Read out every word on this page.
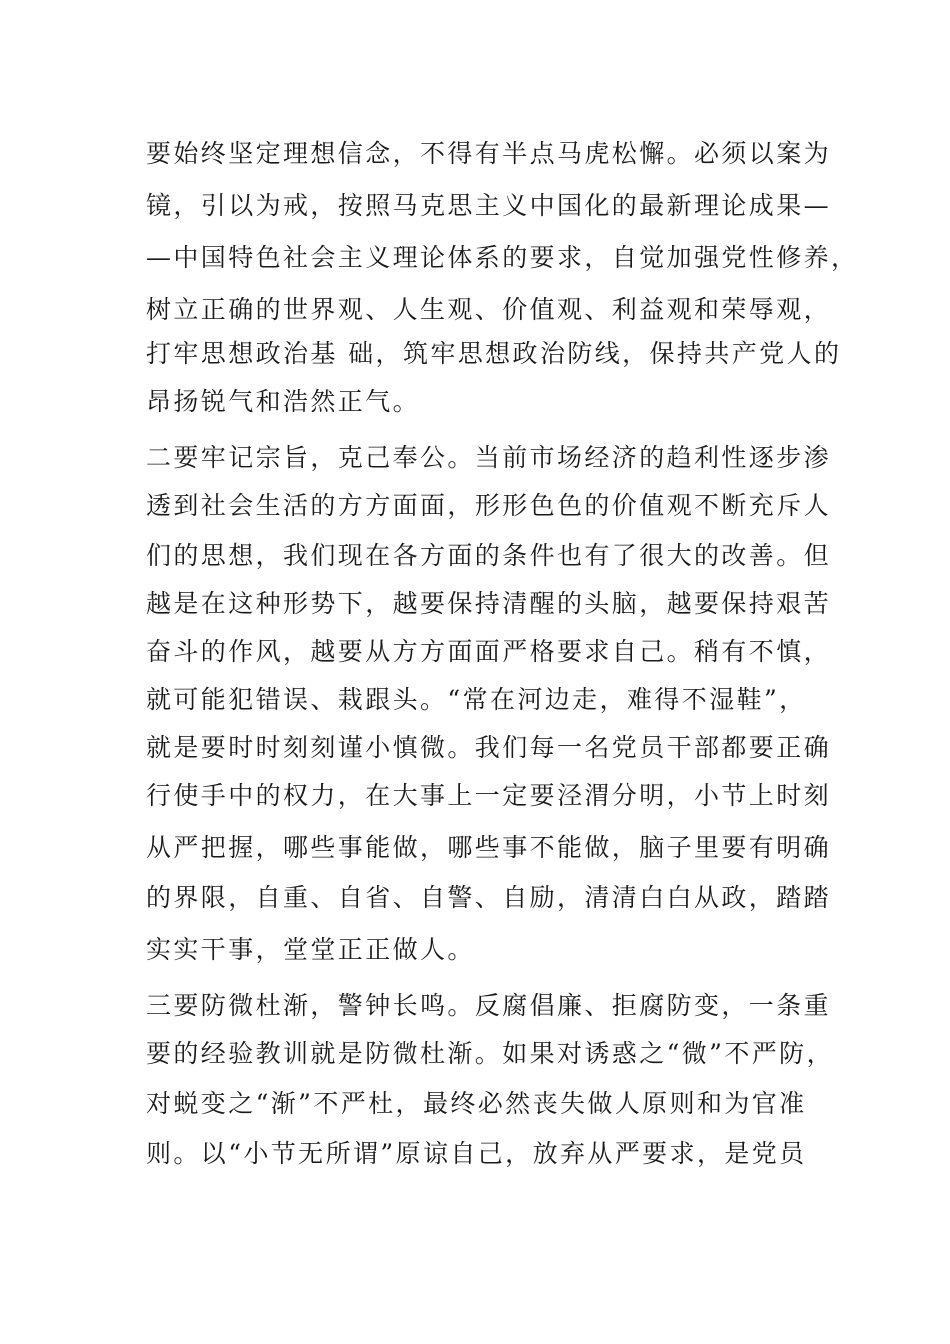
要始终坚定理想信念，不得有半点马虎松懈。必须以案为
镜，引以为戒，按照马克思主义中国化的最新理论成果—
—中国特色社会主义理论体系的要求，自觉加强党性修养，
树立正确的世界观、人生观、价值观、利益观和荣辱观，
打牢思想政治基 础，筑牢思想政治防线，保持共产党人的
昂扬锐气和浩然正气。
二要牢记宗旨，克己奉公。当前市场经济的趋利性逐步渗
透到社会生活的方方面面，形形色色的价值观不断充斥人
们的思想，我们现在各方面的条件也有了很大的改善。但
越是在这种形势下，越要保持清醒的头脑，越要保持艰苦
奋斗的作风，越要从方方面面严格要求自己。稍有不慎，
就可能犯错误、栽跟头。“常在河边走，难得不湿鞋”，
就是要时时刻刻谨小慎微。我们每一名党员干部都要正确
行使手中的权力，在大事上一定要泾渭分明，小节上时刻
从严把握，哪些事能做，哪些事不能做，脑子里要有明确
的界限，自重、自省、自警、自励，清清白白从政，踏踏
实实干事，堂堂正正做人。
三要防微杜渐，警钟长鸣。反腐倡廉、拒腐防变，一条重
要的经验教训就是防微杜渐。如果对诱惑之“微”不严防，
对蜕变之“渐”不严杜，最终必然丧失做人原则和为官准
则。以“小节无所谓”原谅自己，放弃从严要求，是党员
